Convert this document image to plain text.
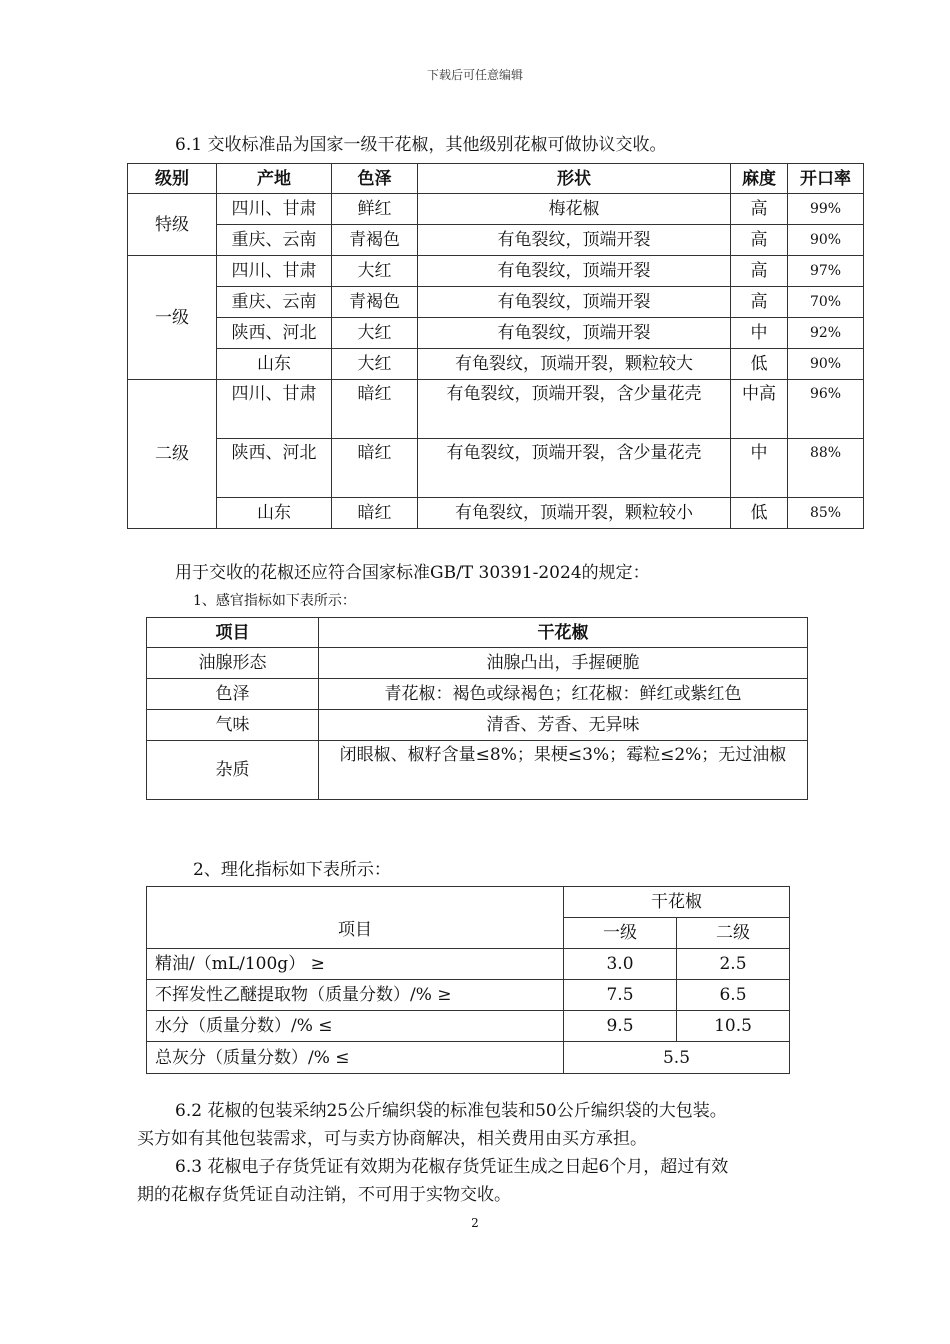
下载后可任意编辑
6.1 交收标准品为国家一级干花椒，其他级别花椒可做协议交收。
级别	产地	色泽	形状	麻度	开口率
特级	四川、甘肃	鲜红	梅花椒	高	99%
	重庆、云南	青褐色	有龟裂纹，顶端开裂	高	90%
一级	四川、甘肃	大红	有龟裂纹，顶端开裂	高	97%
	重庆、云南	青褐色	有龟裂纹，顶端开裂	高	70%
	陕西、河北	大红	有龟裂纹，顶端开裂	中	92%
	山东	大红	有龟裂纹，顶端开裂，颗粒较大	低	90%
二级	四川、甘肃	暗红	有龟裂纹，顶端开裂，含少量花壳	中高	96%
	陕西、河北	暗红	有龟裂纹，顶端开裂，含少量花壳	中	88%
	山东	暗红	有龟裂纹，顶端开裂，颗粒较小	低	85%
用于交收的花椒还应符合国家标准GB/T 30391-2024的规定：
1、感官指标如下表所示：
项目	干花椒
油腺形态	油腺凸出，手握硬脆
色泽	青花椒：褐色或绿褐色；红花椒：鲜红或紫红色
气味	清香、芳香、无异味
杂质	闭眼椒、椒籽含量≤8%；果梗≤3%；霉粒≤2%；无过油椒
2、理化指标如下表所示：
项目	干花椒	
	一级	二级
精油/（mL/100g） ≥	3.0	2.5
不挥发性乙醚提取物（质量分数）/% ≥	7.5	6.5
水分（质量分数）/% ≤	9.5	10.5
总灰分（质量分数）/% ≤	5.5	
6.2 花椒的包装采纳25公斤编织袋的标准包装和50公斤编织袋的大包装。
买方如有其他包装需求，可与卖方协商解决，相关费用由买方承担。
6.3 花椒电子存货凭证有效期为花椒存货凭证生成之日起6个月，超过有效
期的花椒存货凭证自动注销，不可用于实物交收。
2
